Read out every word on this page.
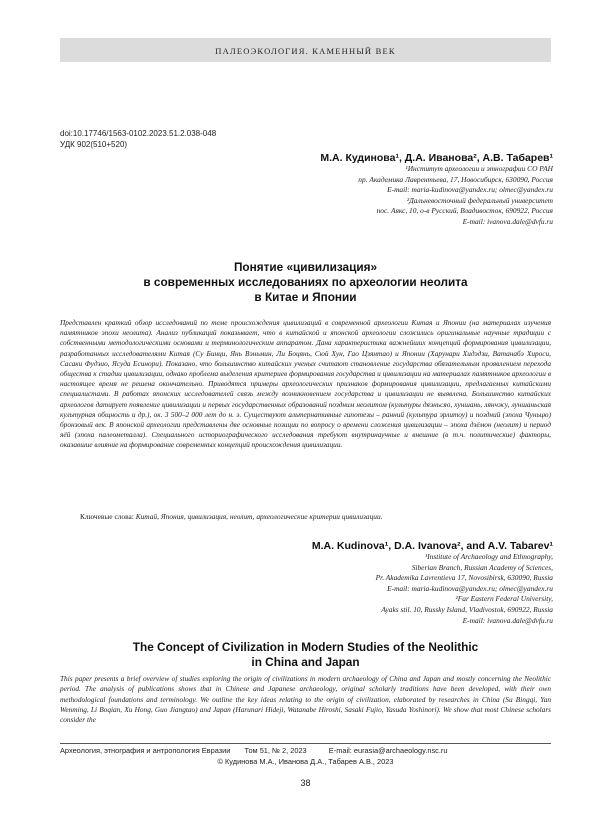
ПАЛЕОЭКОЛОГИЯ. КАМЕННЫЙ ВЕК
doi:10.17746/1563-0102.2023.51.2.038-048
УДК 902(510+520)
М.А. Кудинова¹, Д.А. Иванова², А.В. Табарев¹
¹Институт археологии и этнографии СО РАН
пр. Академика Лаврентьева, 17, Новосибирск, 630090, Россия
E-mail: maria-kudinova@yandex.ru; olmec@yandex.ru
²Дальневосточный федеральный университет
пос. Аякс, 10, о-в Русский, Владивосток, 690922, Россия
E-mail: ivanova.dale@dvfu.ru
Понятие «цивилизация»
в современных исследованиях по археологии неолита
в Китае и Японии
Представлен краткий обзор исследований по теме происхождения цивилизаций в современной археологии Китая и Японии (на материалах изучения памятников эпохи неолита). Анализ публикаций показывает, что в китайской и японской археологии сложились оригинальные научные традиции с собственными методологическими основами и терминологическим аппаратом. Дана характеристика важнейших концепций формирования цивилизации, разработанных исследователями Китая (Су Бинци, Янь Вэньмин, Ли Боцянь, Сюй Хун, Гао Цзянтао) и Японии (Харунари Хидэдзи, Ватанабэ Хироси, Сасаки Фудзио, Ясуда Есинори). Показано, что большинство китайских ученых считают становление государства обязательным проявлением перехода общества к стадии цивилизации, однако проблема выделения критериев формирования государства и цивилизации на материалах памятников археологии в настоящее время не решена окончательно. Приводятся примеры археологических признаков формирования цивилизации, предлагаемых китайскими специалистами. В работах японских исследователей связь между возникновением государства и цивилизации не выявлена. Большинство китайских археологов датирует появление цивилизации и первых государственных образований поздним неолитом (культуры дяэньсяо, хуншань, лянчжу, луншаньская культурная общность и др.), ок. 3 500–2 000 лет до н. э. Существуют альтернативные гипотезы – ранний (культура эрлитоу) и поздний (эпоха Чуньцю) бронзовый век. В японской археологии представлены две основные позиции по вопросу о времени сложения цивилизации – эпоха дзёмон (неолит) и период яёй (эпоха палеометалла). Специального историографического исследования требуют внутринаучные и внешние (в т.ч. политические) факторы, оказавшие влияние на формирование современных концепций происхождения цивилизации.
Ключевые слова: Китай, Япония, цивилизация, неолит, археологические критерии цивилизации.
M.A. Kudinova¹, D.A. Ivanova², and A.V. Tabarev¹
¹Institute of Archaeology and Ethnography,
Siberian Branch, Russian Academy of Sciences,
Pr. Akademika Lavrentieva 17, Novosibirsk, 630090, Russia
E-mail: maria-kudinova@yandex.ru; olmec@yandex.ru
²Far Eastern Federal University,
Ayaks stil. 10, Russky Island, Vladivostok, 690922, Russia
E-mail: ivanova.dale@dvfu.ru
The Concept of Civilization in Modern Studies of the Neolithic
in China and Japan
This paper presents a brief overview of studies exploring the origin of civilizations in modern archaeology of China and Japan and mostly concerning the Neolithic period. The analysis of publications shows that in Chinese and Japanese archaeology, original scholarly traditions have been developed, with their own methodological foundations and terminology. We outline the key ideas relating to the origin of civilization, elaborated by researches in China (Su Bingqi, Yan Wenming, Li Boqian, Xu Hong, Guo Jiangtao) and Japan (Harunari Hideji, Watanabe Hiroshi, Sasaki Fujio, Yasuda Yoshinori). We show that most Chinese scholars consider the
Археология, этнография и антропология Евразии Том 51, № 2, 2023	E-mail: eurasia@archaeology.nsc.ru
© Кудинова М.А., Иванова Д.А., Табарев А.В., 2023
38
